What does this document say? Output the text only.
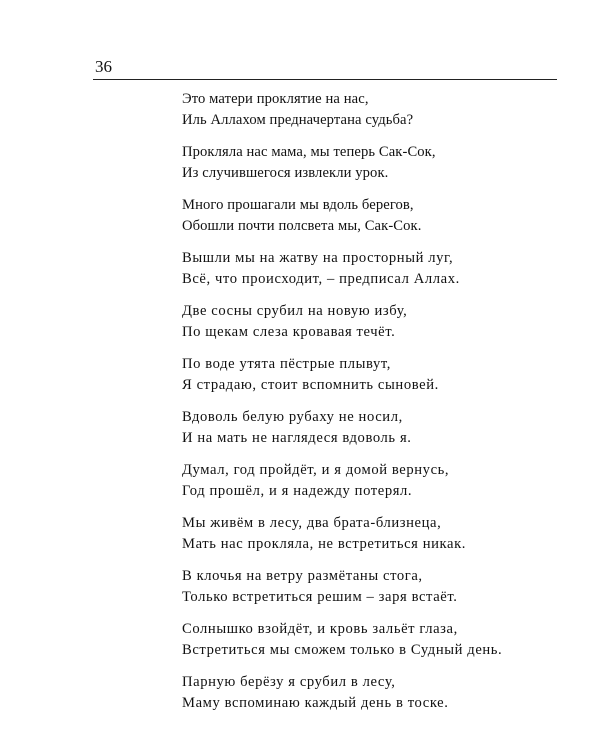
36
Это матери проклятие на нас,
Иль Аллахом предначертана судьба?
Прокляла нас мама, мы теперь Сак-Сок,
Из случившегося извлекли урок.
Много прошагали мы вдоль берегов,
Обошли почти полсвета мы, Сак-Сок.
Вышли мы на жатву на просторный луг,
Всё, что происходит, – предписал Аллах.
Две сосны срубил на новую избу,
По щекам слеза кровавая течёт.
По воде утята пёстрые плывут,
Я страдаю, стоит вспомнить сыновей.
Вдоволь белую рубаху не носил,
И на мать не наглядеся вдоволь я.
Думал, год пройдёт, и я домой вернусь,
Год прошёл, и я надежду потерял.
Мы живём в лесу, два брата-близнеца,
Мать нас прокляла, не встретиться никак.
В клочья на ветру размётаны стога,
Только встретиться решим – заря встаёт.
Солнышко взойдёт, и кровь зальёт глаза,
Встретиться мы сможем только в Судный день.
Парную берёзу я срубил в лесу,
Маму вспоминаю каждый день в тоске.
